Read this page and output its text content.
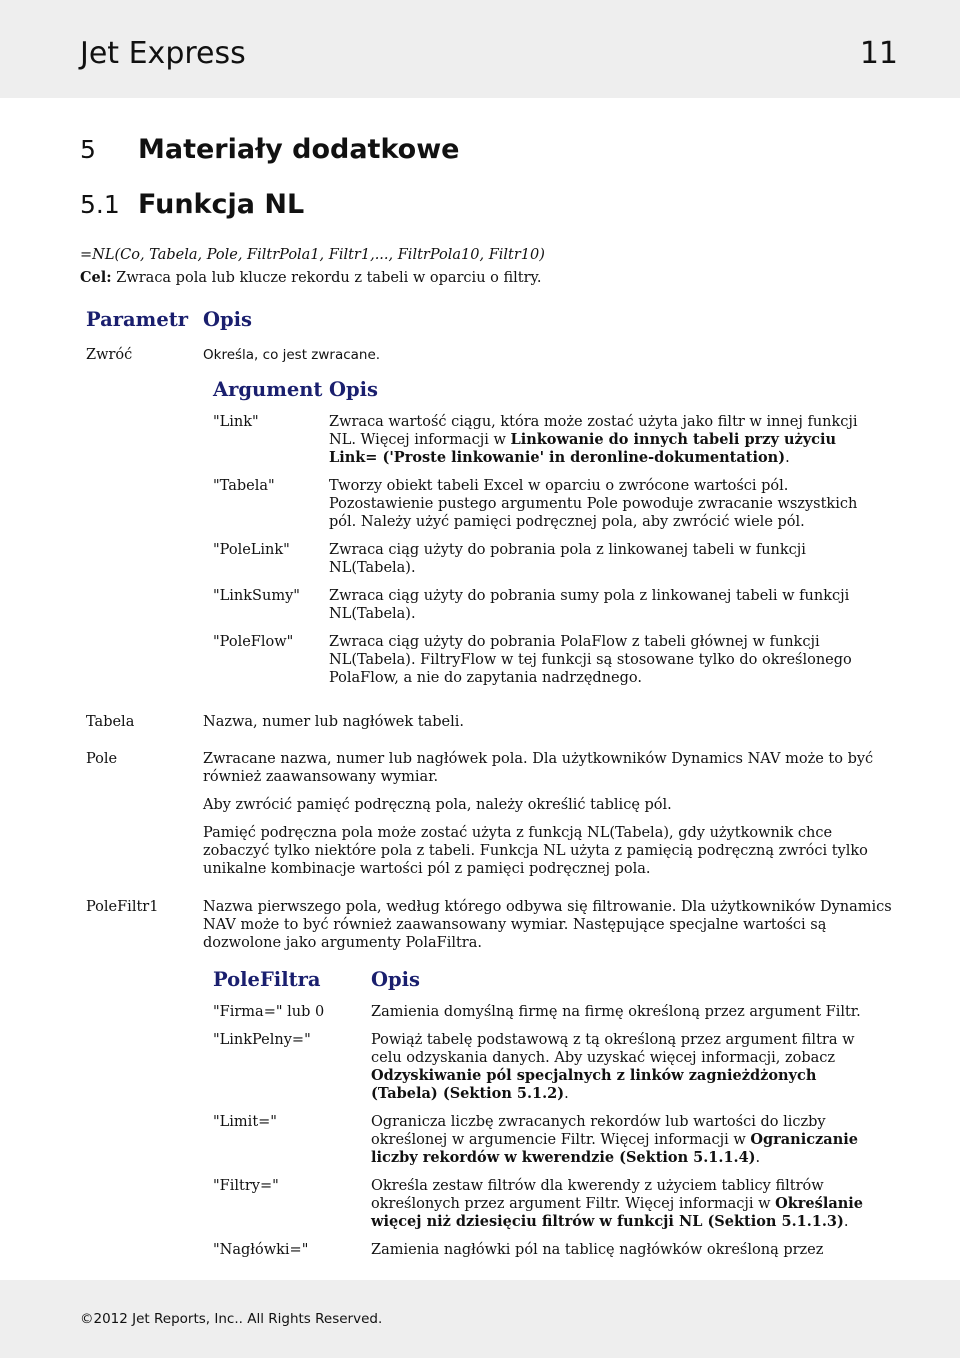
Jet Express	11
5 Materiały dodatkowe
5.1 Funkcja NL
=NL(Co, Tabela, Pole, FiltrPola1, Filtr1,..., FiltrPola10, Filtr10)
Cel: Zwraca pola lub klucze rekordu z tabeli w oparciu o filtry.
Parametr Opis
Zwróć	Określa, co jest zwracane.
Argument Opis
"Link"	Zwraca wartość ciągu, która może zostać użyta jako filtr w innej funkcji
NL. Więcej informacji w Linkowanie do innych tabeli przy użyciu
Link= ('Proste linkowanie' in deronline-dokumentation).
"Tabela"	Tworzy obiekt tabeli Excel w oparciu o zwrócone wartości pól.
Pozostawienie pustego argumentu Pole powoduje zwracanie wszystkich
pól. Należy użyć pamięci podręcznej pola, aby zwrócić wiele pól.
"PoleLink"	Zwraca ciąg użyty do pobrania pola z linkowanej tabeli w funkcji
NL(Tabela).
"LinkSumy" Zwraca ciąg użyty do pobrania sumy pola z linkowanej tabeli w funkcji
NL(Tabela).
"PoleFlow" Zwraca ciąg użyty do pobrania PolaFlow z tabeli głównej w funkcji
NL(Tabela). FiltryFlow w tej funkcji są stosowane tylko do określonego
PolaFlow, a nie do zapytania nadrzędnego.
Tabela	Nazwa, numer lub nagłówek tabeli.
Pole	Zwracane nazwa, numer lub nagłówek pola. Dla użytkowników Dynamics NAV może to być
również zaawansowany wymiar.
Aby zwrócić pamięć podręczną pola, należy określić tablicę pól.
Pamięć podręczna pola może zostać użyta z funkcją NL(Tabela), gdy użytkownik chce
zobaczyć tylko niektóre pola z tabeli. Funkcja NL użyta z pamięcią podręczną zwróci tylko
unikalne kombinacje wartości pól z pamięci podręcznej pola.
PoleFiltr1	Nazwa pierwszego pola, według którego odbywa się filtrowanie. Dla użytkowników Dynamics
NAV może to być również zaawansowany wymiar. Następujące specjalne wartości są
dozwolone jako argumenty PolaFiltra.
PoleFiltra	Opis
"Firma=" lub 0	Zamienia domyślną firmę na firmę określoną przez argument Filtr.
"LinkPelny="	Powiąż tabelę podstawową z tą określoną przez argument filtra w
celu odzyskania danych. Aby uzyskać więcej informacji, zobacz
Odzyskiwanie pól specjalnych z linków zagnieżdżonych
(Tabela) (Sektion 5.1.2).
"Limit="	Ogranicza liczbę zwracanych rekordów lub wartości do liczby
określonej w argumencie Filtr. Więcej informacji w Ograniczanie
liczby rekordów w kwerendzie (Sektion 5.1.1.4).
"Filtry="	Określa zestaw filtrów dla kwerendy z użyciem tablicy filtrów
określonych przez argument Filtr. Więcej informacji w Określanie
więcej niż dziesięciu filtrów w funkcji NL (Sektion 5.1.1.3).
"Nagłówki="	Zamienia nagłówki pól na tablicę nagłówków określoną przez
©2012 Jet Reports, Inc.. All Rights Reserved.
